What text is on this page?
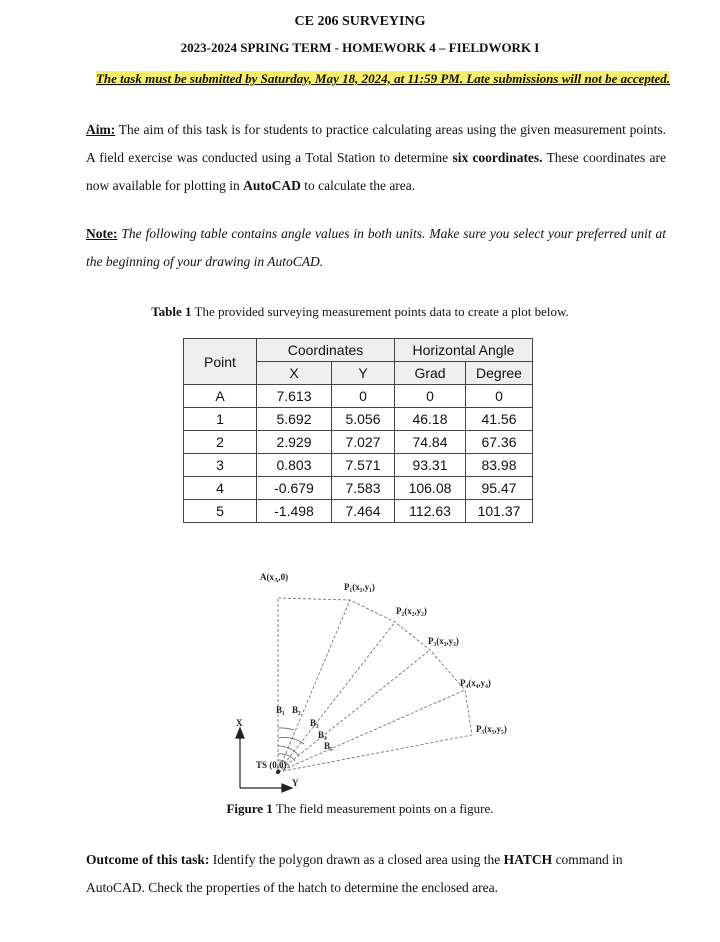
CE 206 SURVEYING
2023-2024 SPRING TERM - HOMEWORK 4 – FIELDWORK I
The task must be submitted by Saturday, May 18, 2024, at 11:59 PM. Late submissions will not be accepted.
Aim: The aim of this task is for students to practice calculating areas using the given measurement points. A field exercise was conducted using a Total Station to determine six coordinates. These coordinates are now available for plotting in AutoCAD to calculate the area.
Note: The following table contains angle values in both units. Make sure you select your preferred unit at the beginning of your drawing in AutoCAD.
Table 1 The provided surveying measurement points data to create a plot below.
Point	Coordinates		Horizontal Angle	
	X	Y	Grad	Degree
A	7.613	0	0	0
1	5.692	5.056	46.18	41.56
2	2.929	7.027	74.84	67.36
3	0.803	7.571	93.31	83.98
4	-0.679	7.583	106.08	95.47
5	-1.498	7.464	112.63	101.37
X
Y
$A(x_A,0)$
P₁(x₁,y₁)
P₂(x₂,y₂)
P₃(x₃,y₃)
P₄(x₄,y₄)
P₅(x₅,y₅)
B₁ B₂
B₃
B₄
B₅
TS (0,0)
Figure 1 The field measurement points on a figure.
Outcome of this task: Identify the polygon drawn as a closed area using the HATCH command in AutoCAD. Check the properties of the hatch to determine the enclosed area.
